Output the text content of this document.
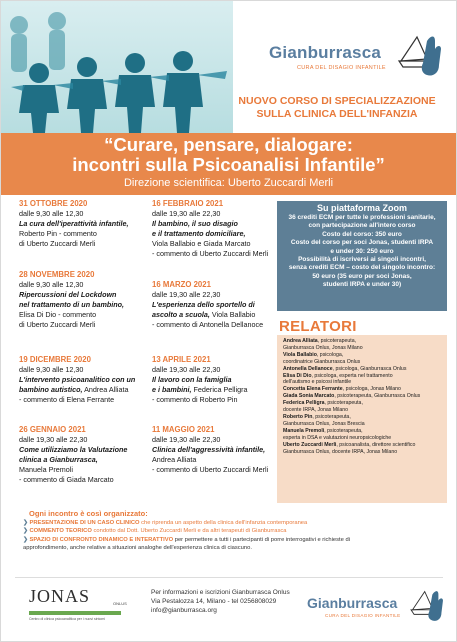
Gianburrasca
CURA DEL DISAGIO INFANTILE
NUOVO CORSO DI SPECIALIZZAZIONE
SULLA CLINICA DELL'INFANZIA
“Curare, pensare, dialogare:
incontri sulla Psicoanalisi Infantile”
Direzione scientifica: Uberto Zuccardi Merli
31 OTTOBRE 2020
dalle 9,30 alle 12,30
La cura dell'iperattività infantile,
Roberto Pin - commento
di Uberto Zuccardi Merli
28 NOVEMBRE 2020
dalle 9,30 alle 12,30
Ripercussioni del Lockdown
nel trattamento di un bambino,
Elisa Di Dio - commento
di Uberto Zuccardi Merli
19 DICEMBRE 2020
dalle 9,30 alle 12,30
L'intervento psicoanalitico con un
bambino autistico, Andrea Alliata
- commento di Elena Ferrante
26 GENNAIO 2021
dalle 19,30 alle 22,30
Come utilizziamo la Valutazione
clinica a Gianburrasca,
Manuela Premoli
- commento di Giada Marcato
16 FEBBRAIO 2021
dalle 19,30 alle 22,30
Il bambino, il suo disagio
e il trattamento domiciliare,
Viola Ballabio e Giada Marcato
- commento di Uberto Zuccardi Merli
16 MARZO 2021
dalle 19,30 alle 22,30
L'esperienza dello sportello di
ascolto a scuola, Viola Ballabio
- commento di Antonella Dellanoce
13 APRILE 2021
dalle 19,30 alle 22,30
Il lavoro con la famiglia
e i bambini, Federica Pelligra
- commento di Roberto Pin
11 MAGGIO 2021
dalle 19,30 alle 22,30
Clinica dell'aggressività infantile,
Andrea Alliata
- commento di Uberto Zuccardi Merli
Su piattaforma Zoom
36 crediti ECM per tutte le professioni sanitarie,
con partecipazione all'intero corso
Costo del corso: 350 euro
Costo del corso per soci Jonas, studenti IRPA
e under 30: 250 euro
Possibilità di iscriversi ai singoli incontri,
senza crediti ECM – costo del singolo incontro:
50 euro (35 euro per soci Jonas,
studenti IRPA e under 30)
RELATORI
Andrea Alliata, psicoterapeuta,
Gianburrasca Onlus, Jonas Milano
Viola Ballabio, psicologa,
coordinatrice Gianburrasca Onlus
Antonella Dellanoce, psicologa, Gianburrasca Onlus
Elisa Di Dio, psicologa, esperta nel trattamento
dell'autismo e psicosi infantile
Concetta Elena Ferrante, psicologa, Jonas Milano
Giada Sonia Marcato, psicoterapeuta, Gianburrasca Onlus
Federica Pelligra, psicoterapeuta,
docente IRPA, Jonas Milano
Roberto Pin, psicoterapeuta,
Gianburrasca Onlus, Jonas Brescia
Manuela Premoli, psicoterapeuta,
esperta in DSA e valutazioni neuropsicologiche
Uberto Zuccardi Merli, psicoanalista, direttore scientifico
Gianburrasca Onlus, docente IRPA, Jonas Milano
Ogni incontro è così organizzato:
❯ PRESENTAZIONE DI UN CASO CLINICO che riprenda un aspetto della clinica dell'infanzia contemporanea
❯ COMMENTO TEORICO condotto dal Dott. Uberto Zuccardi Merli e da altri terapeuti di Gianburrasca
❯ SPAZIO DI CONFRONTO DINAMICO E INTERATTIVO per permettere a tutti i partecipanti di porre interrogativi e richieste di
approfondimento, anche relative a situazioni analoghe dell'esperienza clinica di ciascuno.
JONAS	ONLUS
Centro di clinica psicoanalitica per i nuovi sintomi
Per informazioni e iscrizioni Gianburrasca Onlus
Via Pestalozza 14, Milano - tel 0256808029
info@gianburrasca.org	Gianburrasca
CURA DEL DISAGIO INFANTILE
